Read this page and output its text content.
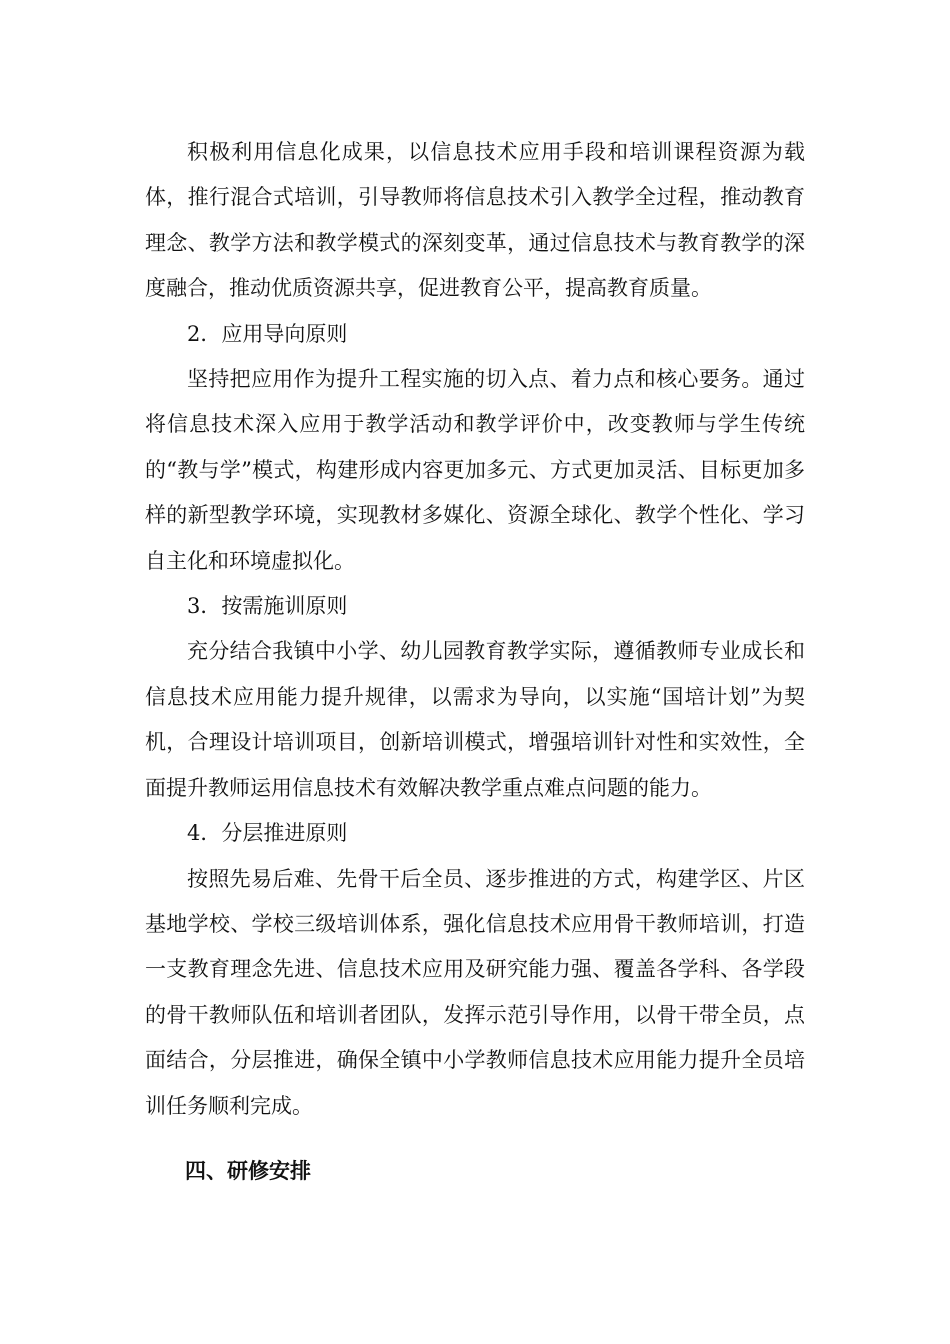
积极利用信息化成果，以信息技术应用手段和培训课程资源为载体，推行混合式培训，引导教师将信息技术引入教学全过程，推动教育理念、教学方法和教学模式的深刻变革，通过信息技术与教育教学的深度融合，推动优质资源共享，促进教育公平，提高教育质量。

2．应用导向原则

坚持把应用作为提升工程实施的切入点、着力点和核心要务。通过将信息技术深入应用于教学活动和教学评价中，改变教师与学生传统的“教与学”模式，构建形成内容更加多元、方式更加灵活、目标更加多样的新型教学环境，实现教材多媒化、资源全球化、教学个性化、学习自主化和环境虚拟化。

3．按需施训原则

充分结合我镇中小学、幼儿园教育教学实际，遵循教师专业成长和信息技术应用能力提升规律，以需求为导向，以实施“国培计划”为契机，合理设计培训项目，创新培训模式，增强培训针对性和实效性，全面提升教师运用信息技术有效解决教学重点难点问题的能力。

4．分层推进原则

按照先易后难、先骨干后全员、逐步推进的方式，构建学区、片区基地学校、学校三级培训体系，强化信息技术应用骨干教师培训，打造一支教育理念先进、信息技术应用及研究能力强、覆盖各学科、各学段的骨干教师队伍和培训者团队，发挥示范引导作用，以骨干带全员，点面结合，分层推进，确保全镇中小学教师信息技术应用能力提升全员培训任务顺利完成。

四、研修安排
